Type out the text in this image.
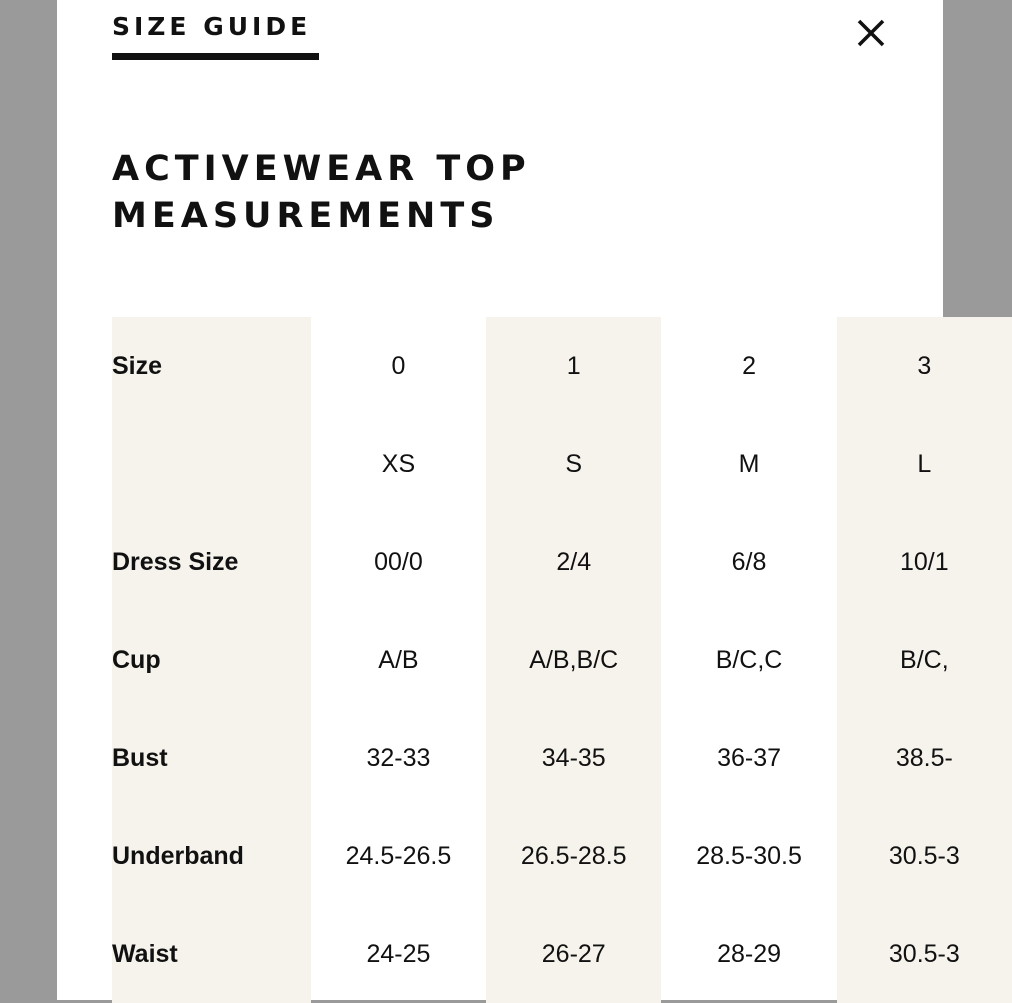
SIZE GUIDE
ACTIVEWEAR TOP
MEASUREMENTS
Size	0	1	2	3
	XS	S	M	L
Dress Size	00/0	2/4	6/8	10/1
Cup	A/B	A/B,B/C	B/C,C	B/C,
Bust	32-33	34-35	36-37	38.5-
Underband	24.5-26.5	26.5-28.5	28.5-30.5	30.5-3
Waist	24-25	26-27	28-29	30.5-3
